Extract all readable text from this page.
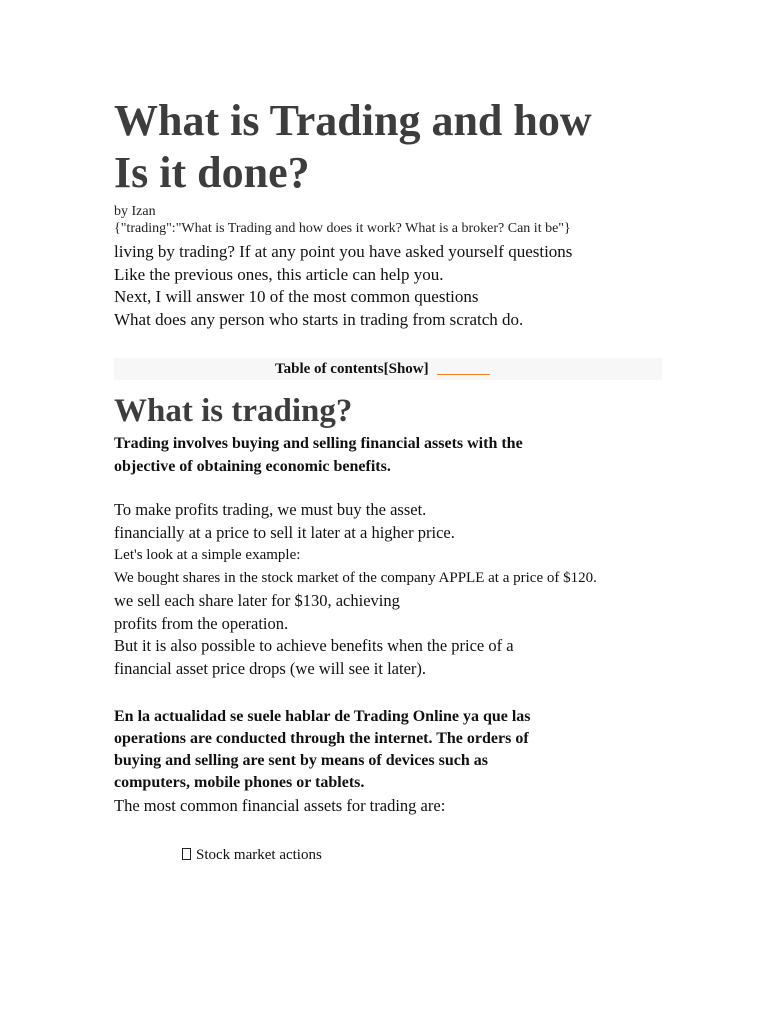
What is Trading and how
Is it done?
by Izan
{"trading":"What is Trading and how does it work? What is a broker? Can it be"}
living by trading? If at any point you have asked yourself questions
Like the previous ones, this article can help you.
Next, I will answer 10 of the most common questions
What does any person who starts in trading from scratch do.
Table of contents[Show]
What is trading?
Trading involves buying and selling financial assets with the
objective of obtaining economic benefits.
To make profits trading, we must buy the asset.
financially at a price to sell it later at a higher price.
Let's look at a simple example:
We bought shares in the stock market of the company APPLE at a price of $120.
we sell each share later for $130, achieving
profits from the operation.
But it is also possible to achieve benefits when the price of a
financial asset price drops (we will see it later).
En la actualidad se suele hablar de Trading Online ya que las
operations are conducted through the internet. The orders of
buying and selling are sent by means of devices such as
computers, mobile phones or tablets.
The most common financial assets for trading are:
Stock market actions
